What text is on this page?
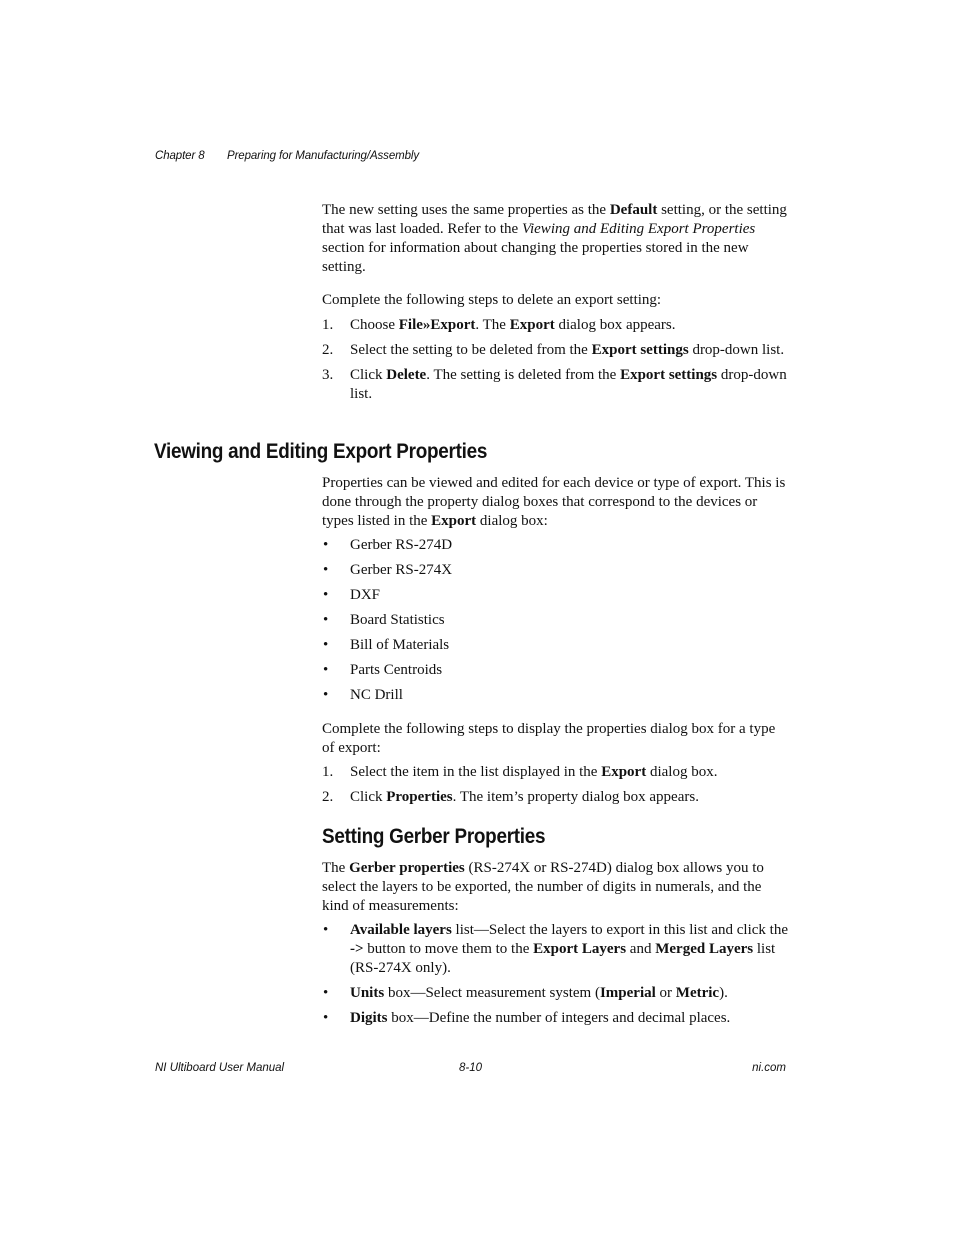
Chapter 8 Preparing for Manufacturing/Assembly

The new setting uses the same properties as the Default setting, or the setting that was last loaded. Refer to the Viewing and Editing Export Properties section for information about changing the properties stored in the new setting.

Complete the following steps to delete an export setting:

1. Choose File»Export. The Export dialog box appears.
2. Select the setting to be deleted from the Export settings drop-down list.
3. Click Delete. The setting is deleted from the Export settings drop-down list.
Viewing and Editing Export Properties

Properties can be viewed and edited for each device or type of export. This is done through the property dialog boxes that correspond to the devices or types listed in the Export dialog box:

• Gerber RS-274D
• Gerber RS-274X
• DXF
• Board Statistics
• Bill of Materials
• Parts Centroids
• NC Drill

Complete the following steps to display the properties dialog box for a type of export:

1. Select the item in the list displayed in the Export dialog box.
2. Click Properties. The item’s property dialog box appears.
Setting Gerber Properties

The Gerber properties (RS-274X or RS-274D) dialog box allows you to select the layers to be exported, the number of digits in numerals, and the kind of measurements:

• Available layers list—Select the layers to export in this list and click the -> button to move them to the Export Layers and Merged Layers list (RS-274X only).
• Units box—Select measurement system (Imperial or Metric).
• Digits box—Define the number of integers and decimal places.
NI Ultiboard User Manual	8-10	ni.com
